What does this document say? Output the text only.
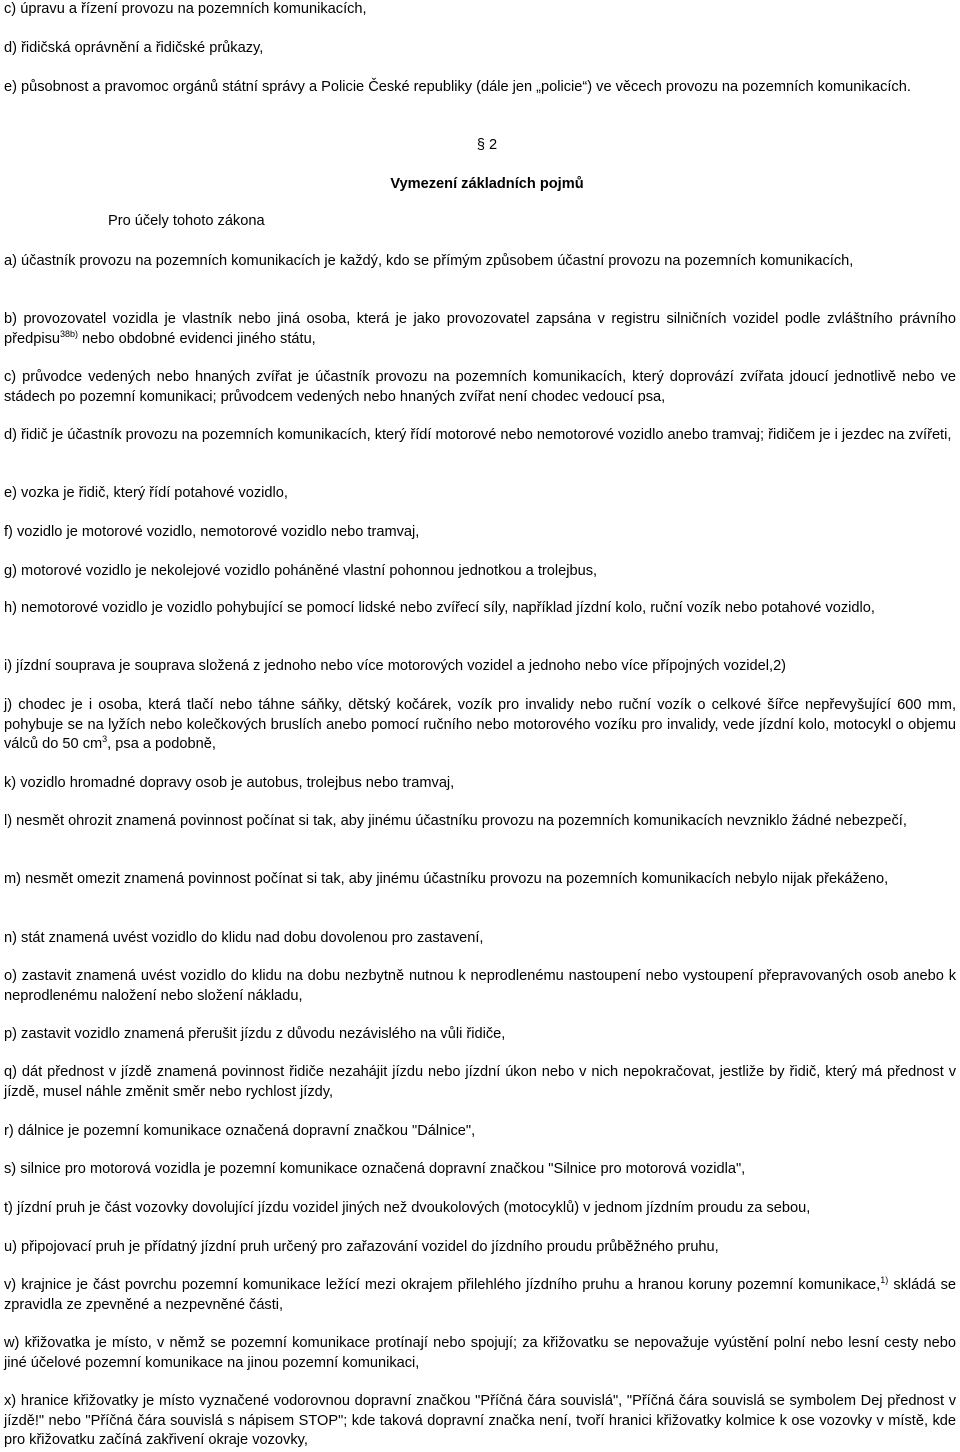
c) úpravu a řízení provozu na pozemních komunikacích,

d) řidičská oprávnění a řidičské průkazy,

e) působnost a pravomoc orgánů státní správy a Policie České republiky (dále jen „policie“) ve věcech provozu na pozemních komunikacích.

§ 2

Vymezení základních pojmů

Pro účely tohoto zákona

a) účastník provozu na pozemních komunikacích je každý, kdo se přímým způsobem účastní provozu na pozemních komunikacích,

b) provozovatel vozidla je vlastník nebo jiná osoba, která je jako provozovatel zapsána v registru silničních vozidel podle zvláštního právního předpisu$^{38b)}$ nebo obdobné evidenci jiného státu,

c) průvodce vedených nebo hnaných zvířat je účastník provozu na pozemních komunikacích, který doprovází zvířata jdoucí jednotlivě nebo ve stádech po pozemní komunikaci; průvodcem vedených nebo hnaných zvířat není chodec vedoucí psa,

d) řidič je účastník provozu na pozemních komunikacích, který řídí motorové nebo nemotorové vozidlo anebo tramvaj; řidičem je i jezdec na zvířeti,

e) vozka je řidič, který řídí potahové vozidlo,

f) vozidlo je motorové vozidlo, nemotorové vozidlo nebo tramvaj,

g) motorové vozidlo je nekolejové vozidlo poháněné vlastní pohonnou jednotkou a trolejbus,

h) nemotorové vozidlo je vozidlo pohybující se pomocí lidské nebo zvířecí síly, například jízdní kolo, ruční vozík nebo potahové vozidlo,

i) jízdní souprava je souprava složená z jednoho nebo více motorových vozidel a jednoho nebo více přípojných vozidel,2)

j) chodec je i osoba, která tlačí nebo táhne sáňky, dětský kočárek, vozík pro invalidy nebo ruční vozík o celkové šířce nepřevyšující 600 mm, pohybuje se na lyžích nebo kolečkových bruslích anebo pomocí ručního nebo motorového vozíku pro invalidy, vede jízdní kolo, motocykl o objemu válců do 50 $cm^3$, psa a podobně,

k) vozidlo hromadné dopravy osob je autobus, trolejbus nebo tramvaj,

l) nesmět ohrozit znamená povinnost počínat si tak, aby jinému účastníku provozu na pozemních komunikacích nevzniklo žádné nebezpečí,

m) nesmět omezit znamená povinnost počínat si tak, aby jinému účastníku provozu na pozemních komunikacích nebylo nijak překáženo,

n) stát znamená uvést vozidlo do klidu nad dobu dovolenou pro zastavení,

o) zastavit znamená uvést vozidlo do klidu na dobu nezbytně nutnou k neprodlenému nastoupení nebo vystoupení přepravovaných osob anebo k neprodlenému naložení nebo složení nákladu,

p) zastavit vozidlo znamená přerušit jízdu z důvodu nezávislého na vůli řidiče,

q) dát přednost v jízdě znamená povinnost řidiče nezahájit jízdu nebo jízdní úkon nebo v nich nepokračovat, jestliže by řidič, který má přednost v jízdě, musel náhle změnit směr nebo rychlost jízdy,

r) dálnice je pozemní komunikace označená dopravní značkou "Dálnice",

s) silnice pro motorová vozidla je pozemní komunikace označená dopravní značkou "Silnice pro motorová vozidla",

t) jízdní pruh je část vozovky dovolující jízdu vozidel jiných než dvoukolových (motocyklů) v jednom jízdním proudu za sebou,

u) připojovací pruh je přídatný jízdní pruh určený pro zařazování vozidel do jízdního proudu průběžného pruhu,

v) krajnice je část povrchu pozemní komunikace ležící mezi okrajem přilehlého jízdního pruhu a hranou koruny pozemní komunikace,$^{1)}$ skládá se zpravidla ze zpevněné a nezpevněné části,

w) křižovatka je místo, v němž se pozemní komunikace protínají nebo spojují; za křižovatku se nepovažuje vyústění polní nebo lesní cesty nebo jiné účelové pozemní komunikace na jinou pozemní komunikaci,

x) hranice křižovatky je místo vyznačené vodorovnou dopravní značkou "Příčná čára souvislá", "Příčná čára souvislá se symbolem Dej přednost v jízdě!" nebo "Příčná čára souvislá s nápisem STOP"; kde taková dopravní značka není, tvoří hranici křižovatky kolmice k ose vozovky v místě, kde pro křižovatku začíná zakřivení okraje vozovky,
